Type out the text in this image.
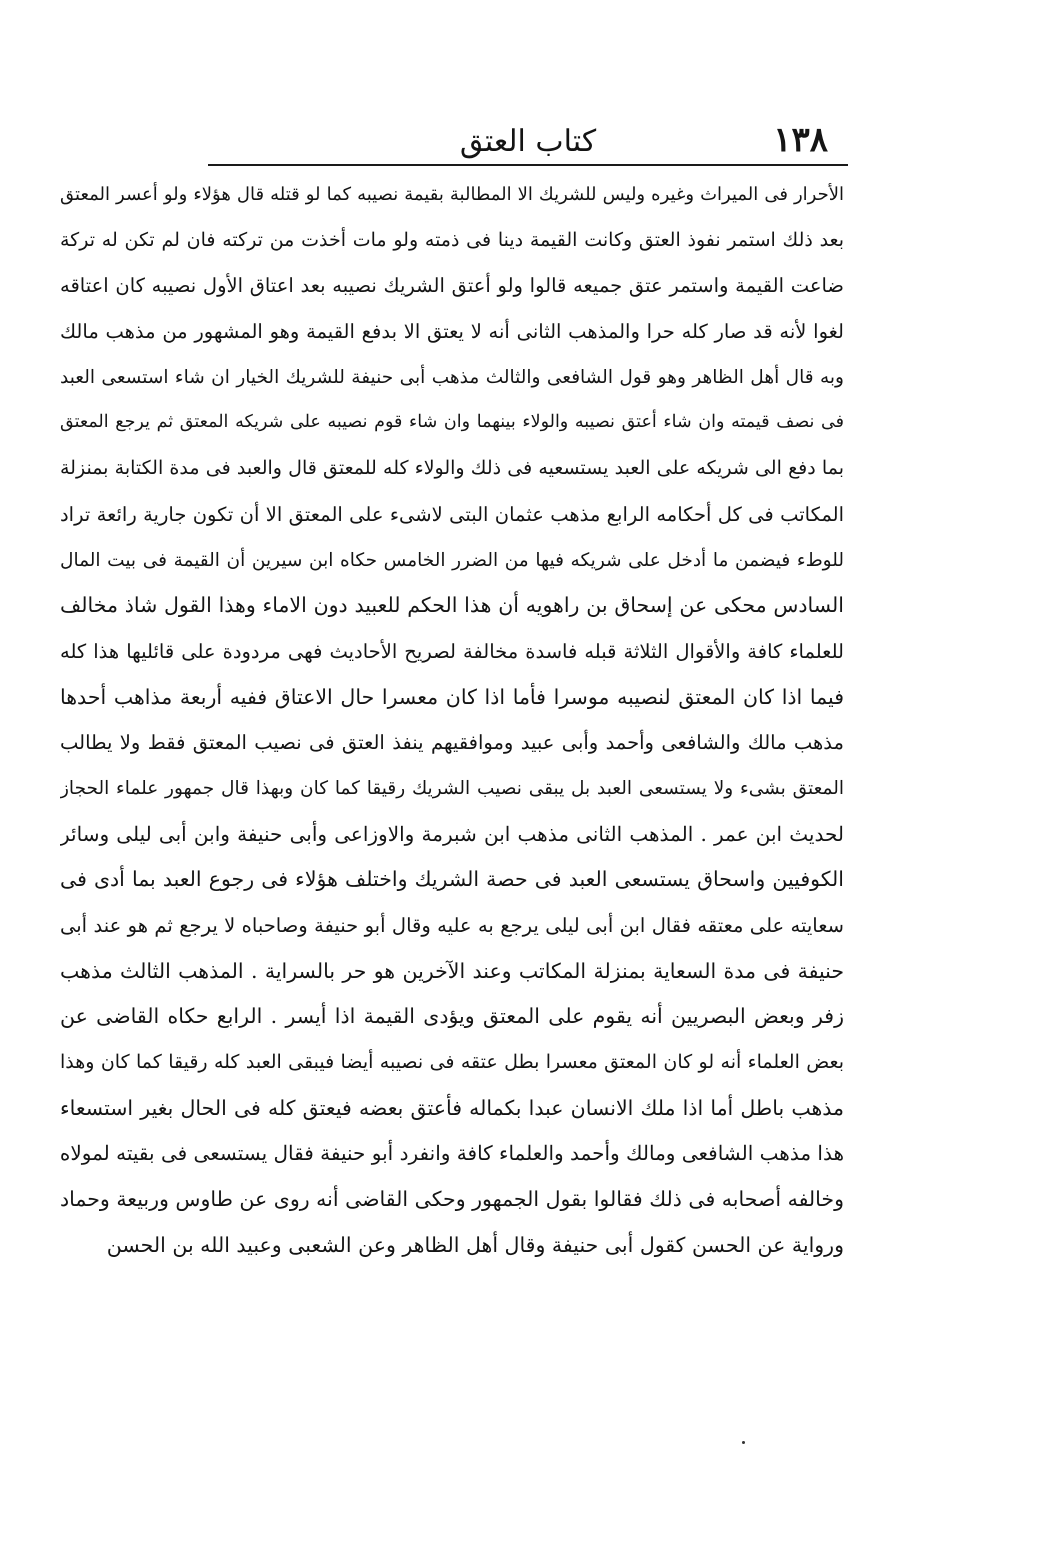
١٣٨
كتاب العتق
الأحرار فى الميراث وغيره وليس للشريك الا المطالبة بقيمة نصيبه كما لو قتله قال هؤلاء ولو أعسر المعتق
بعد ذلك استمر نفوذ العتق وكانت القيمة دينا فى ذمته ولو مات أخذت من تركته فان لم تكن له تركة
ضاعت القيمة واستمر عتق جميعه قالوا ولو أعتق الشريك نصيبه بعد اعتاق الأول نصيبه كان اعتاقه
لغوا لأنه قد صار كله حرا والمذهب الثانى أنه لا يعتق الا بدفع القيمة وهو المشهور من مذهب مالك
وبه قال أهل الظاهر وهو قول الشافعى والثالث مذهب أبى حنيفة للشريك الخيار ان شاء استسعى العبد
فى نصف قيمته وان شاء أعتق نصيبه والولاء بينهما وان شاء قوم نصيبه على شريكه المعتق ثم يرجع المعتق
بما دفع الى شريكه على العبد يستسعيه فى ذلك والولاء كله للمعتق قال والعبد فى مدة الكتابة بمنزلة
المكاتب فى كل أحكامه الرابع مذهب عثمان البتى لاشىء على المعتق الا أن تكون جارية رائعة تراد
للوطء فيضمن ما أدخل على شريكه فيها من الضرر الخامس حكاه ابن سيرين أن القيمة فى بيت المال
السادس محكى عن إسحاق بن راهويه أن هذا الحكم للعبيد دون الاماء وهذا القول شاذ مخالف
للعلماء كافة والأقوال الثلاثة قبله فاسدة مخالفة لصريح الأحاديث فهى مردودة على قائليها هذا كله
فيما اذا كان المعتق لنصيبه موسرا فأما اذا كان معسرا حال الاعتاق ففيه أربعة مذاهب أحدها
مذهب مالك والشافعى وأحمد وأبى عبيد وموافقيهم ينفذ العتق فى نصيب المعتق فقط ولا يطالب
المعتق بشىء ولا يستسعى العبد بل يبقى نصيب الشريك رقيقا كما كان وبهذا قال جمهور علماء الحجاز
لحديث ابن عمر . المذهب الثانى مذهب ابن شبرمة والاوزاعى وأبى حنيفة وابن أبى ليلى وسائر
الكوفيين واسحاق يستسعى العبد فى حصة الشريك واختلف هؤلاء فى رجوع العبد بما أدى فى
سعايته على معتقه فقال ابن أبى ليلى يرجع به عليه وقال أبو حنيفة وصاحباه لا يرجع ثم هو عند أبى
حنيفة فى مدة السعاية بمنزلة المكاتب وعند الآخرين هو حر بالسراية . المذهب الثالث مذهب
زفر وبعض البصريين أنه يقوم على المعتق ويؤدى القيمة اذا أيسر . الرابع حكاه القاضى عن
بعض العلماء أنه لو كان المعتق معسرا بطل عتقه فى نصيبه أيضا فيبقى العبد كله رقيقا كما كان وهذا
مذهب باطل أما اذا ملك الانسان عبدا بكماله فأعتق بعضه فيعتق كله فى الحال بغير استسعاء
هذا مذهب الشافعى ومالك وأحمد والعلماء كافة وانفرد أبو حنيفة فقال يستسعى فى بقيته لمولاه
وخالفه أصحابه فى ذلك فقالوا بقول الجمهور وحكى القاضى أنه روى عن طاوس وربيعة وحماد
ورواية عن الحسن كقول أبى حنيفة وقال أهل الظاهر وعن الشعبى وعبيد الله بن الحسن
